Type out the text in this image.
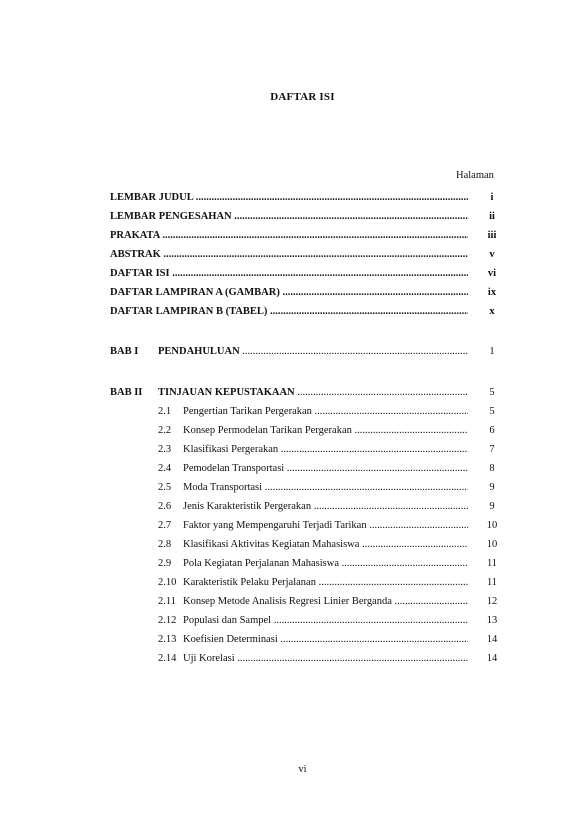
DAFTAR ISI
Halaman
LEMBAR JUDUL .....	i
LEMBAR PENGESAHAN .....	ii
PRAKATA .....	iii
ABSTRAK .....	v
DAFTAR ISI .....	vi
DAFTAR LAMPIRAN A (GAMBAR) .....	ix
DAFTAR LAMPIRAN B (TABEL) .....	x
BAB I PENDAHULUAN .....	1
BAB II TINJAUAN KEPUSTAKAAN .....	5
2.1 Pengertian Tarikan Pergerakan .....	5
2.2 Konsep Permodelan Tarikan Pergerakan .....	6
2.3 Klasifikasi Pergerakan .....	7
2.4 Pemodelan Transportasi .....	8
2.5 Moda Transportasi .....	9
2.6 Jenis Karakteristik Pergerakan .....	9
2.7 Faktor yang Mempengaruhi Terjadi Tarikan .....	10
2.8 Klasifikasi Aktivitas Kegiatan Mahasiswa .....	10
2.9 Pola Kegiatan Perjalanan Mahasiswa .....	11
2.10 Karakteristik Pelaku Perjalanan .....	11
2.11 Konsep Metode Analisis Regresi Linier Berganda .....	12
2.12 Populasi dan Sampel .....	13
2.13 Koefisien Determinasi .....	14
2.14 Uji Korelasi .....	14
vi
